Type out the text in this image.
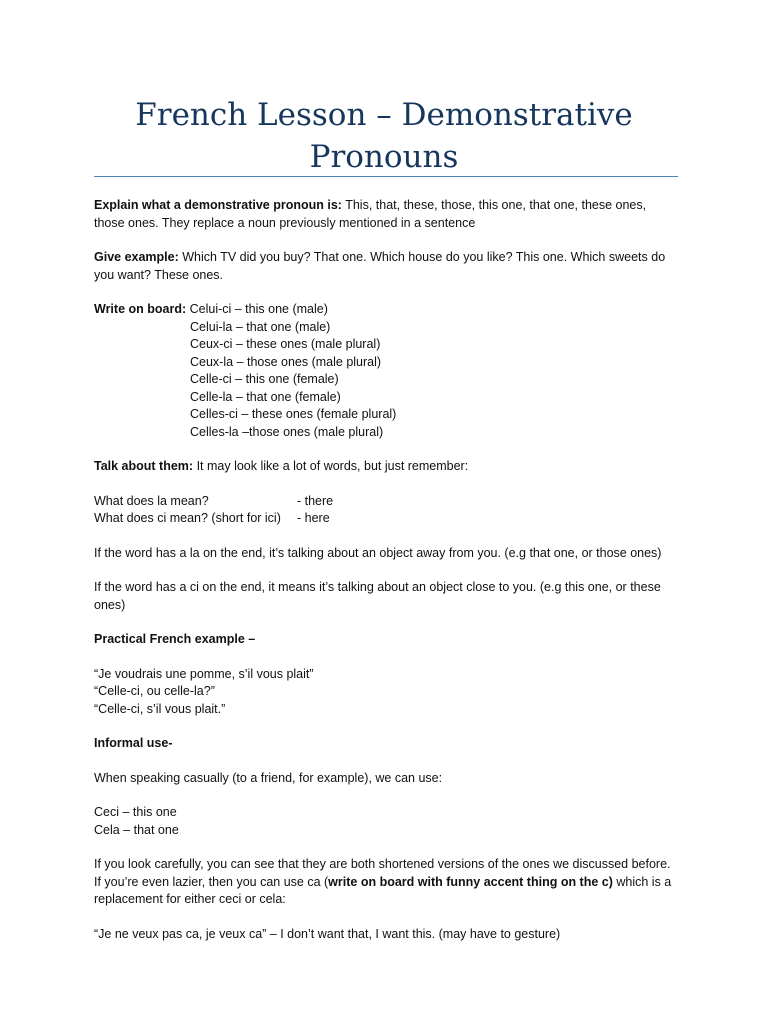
French Lesson – Demonstrative
Pronouns

Explain what a demonstrative pronoun is: This, that, these, those, this one, that one, these ones, those ones. They replace a noun previously mentioned in a sentence

Give example: Which TV did you buy? That one. Which house do you like? This one. Which sweets do you want? These ones.

Write on board: Celui-ci – this one (male)
Celui-la – that one (male)
Ceux-ci – these ones (male plural)
Ceux-la – those ones (male plural)
Celle-ci – this one (female)
Celle-la – that one (female)
Celles-ci – these ones (female plural)
Celles-la –those ones (male plural)

Talk about them: It may look like a lot of words, but just remember:

What does la mean?	- there
What does ci mean? (short for ici)	- here

If the word has a la on the end, it’s talking about an object away from you. (e.g that one, or those ones)

If the word has a ci on the end, it means it’s talking about an object close to you. (e.g this one, or these ones)

Practical French example –

“Je voudrais une pomme, s’il vous plait”
“Celle-ci, ou celle-la?”
“Celle-ci, s’il vous plait.”

Informal use-

When speaking casually (to a friend, for example), we can use:

Ceci – this one
Cela – that one

If you look carefully, you can see that they are both shortened versions of the ones we discussed before.

If you’re even lazier, then you can use ca (write on board with funny accent thing on the c) which is a replacement for either ceci or cela:

“Je ne veux pas ca, je veux ca” – I don’t want that, I want this. (may have to gesture)
